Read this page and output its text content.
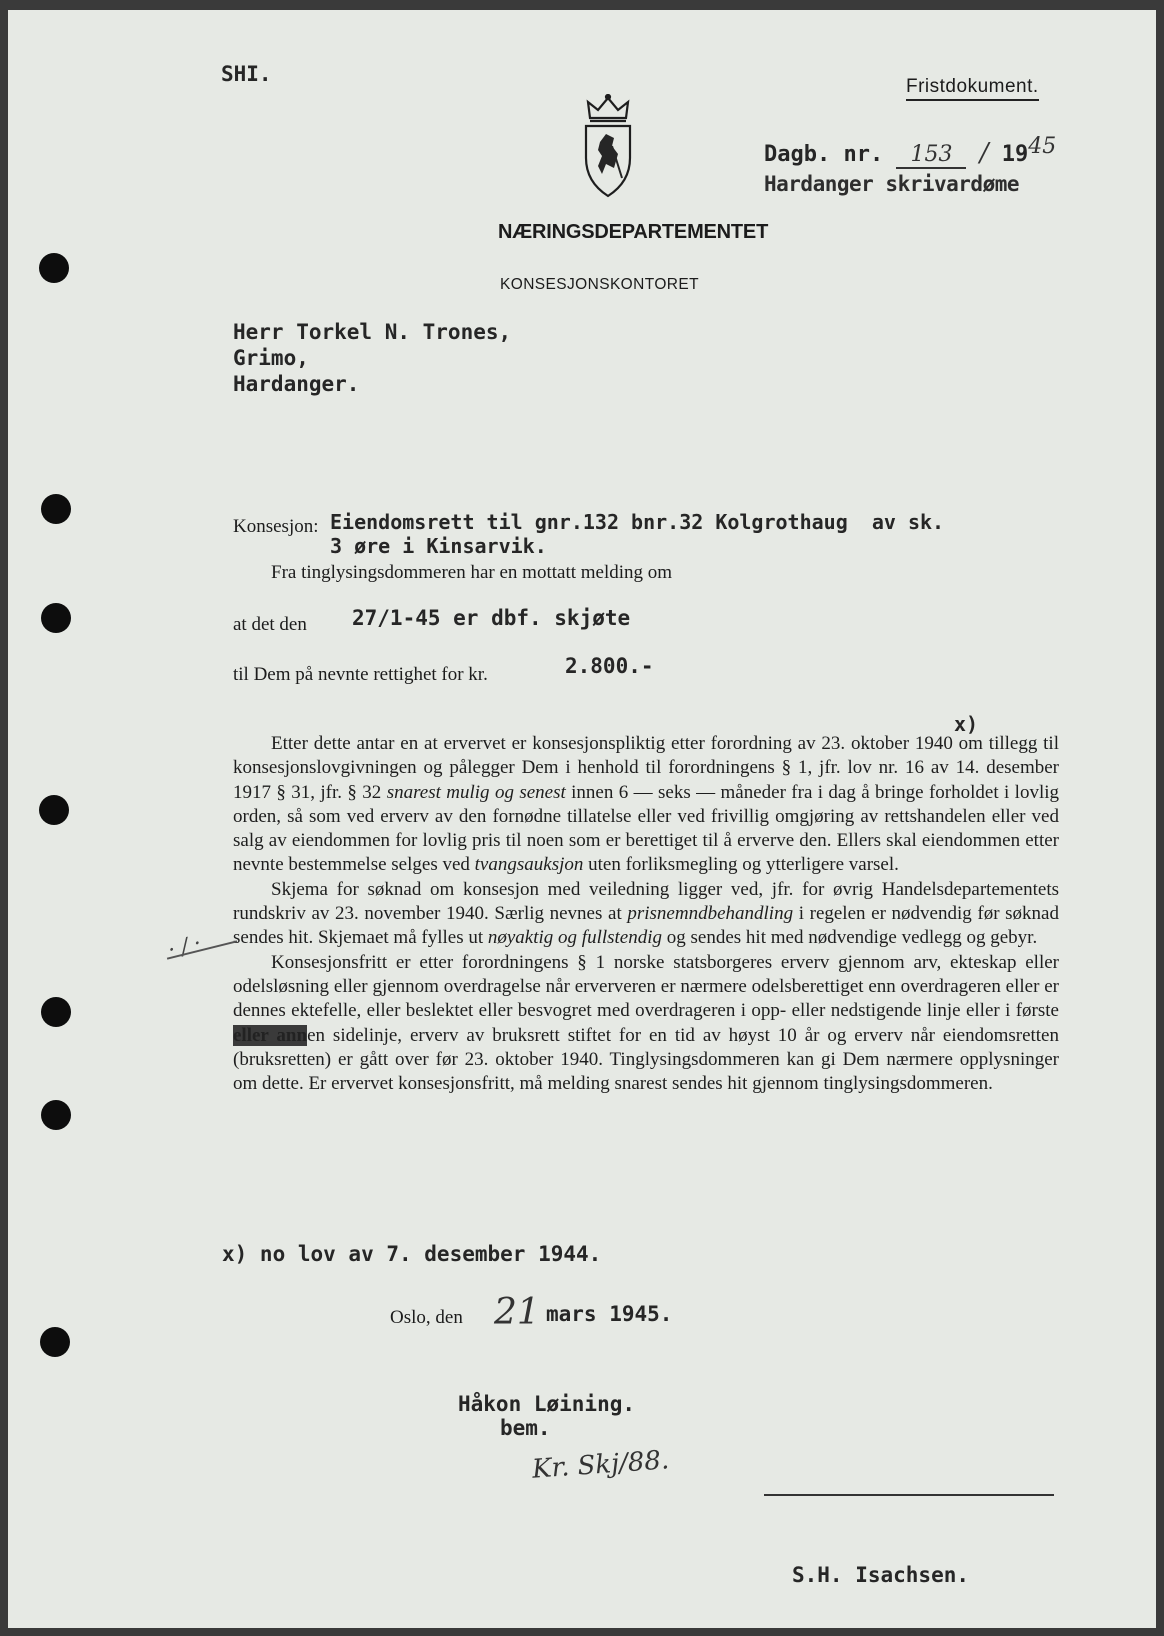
SHI.
Fristdokument.
Dagb. nr. 153 / 1945
Hardanger skrivardøme
NÆRINGSDEPARTEMENTET
KONSESJONSKONTORET
Herr Torkel N. Trones,
Grimo,
Hardanger.
Konsesjon: Eiendomsrett til gnr.132 bnr.32 Kolgrothaug  av sk.
3 øre i Kinsarvik.
Fra tinglysingsdommeren har en mottatt melding om
at det den 27/1-45 er dbf. skjøte
til Dem på nevnte rettighet for kr.	2.800.-
x)

Etter dette antar en at ervervet er konsesjonspliktig etter forordning av 23. oktober 1940 om tillegg til konsesjonslovgivningen og pålegger Dem i henhold til forordningens § 1, jfr. lov nr. 16 av 14. desember 1917 § 31, jfr. § 32 snarest mulig og senest innen 6 — seks — måneder fra i dag å bringe forholdet i lovlig orden, så som ved erverv av den fornødne tillatelse eller ved frivillig omgjøring av rettshandelen eller ved salg av eiendommen for lovlig pris til noen som er berettiget til å erverve den. Ellers skal eiendommen etter nevnte bestemmelse selges ved tvangsauksjon uten forliksmegling og ytterligere varsel.

Skjema for søknad om konsesjon med veiledning ligger ved, jfr. for øvrig Handelsdepartementets rundskriv av 23. november 1940. Særlig nevnes at prisnemndbehandling i regelen er nødvendig før søknad sendes hit. Skjemaet må fylles ut nøyaktig og fullstendig og sendes hit med nødvendige vedlegg og gebyr.

Konsesjonsfritt er etter forordningens § 1 norske statsborgeres erverv gjennom arv, ekteskap eller odelsløsning eller gjennom overdragelse når erververen er nærmere odelsberettiget enn overdrageren eller er dennes ektefelle, eller beslektet eller besvogret med overdrageren i opp- eller nedstigende linje eller i første eller annen sidelinje, erverv av bruksrett stiftet for en tid av høyst 10 år og erverv når eiendomsretten (bruksretten) er gått over før 23. oktober 1940. Tinglysingsdommeren kan gi Dem nærmere opplysninger om dette. Er ervervet konsesjonsfritt, må melding snarest sendes hit gjennom tinglysingsdommeren.

·/·
x) no lov av 7. desember 1944.
Oslo, den 21 mars 1945.
Håkon Løining.
bem.
Kr. Skj/88.
S.H. Isachsen.
